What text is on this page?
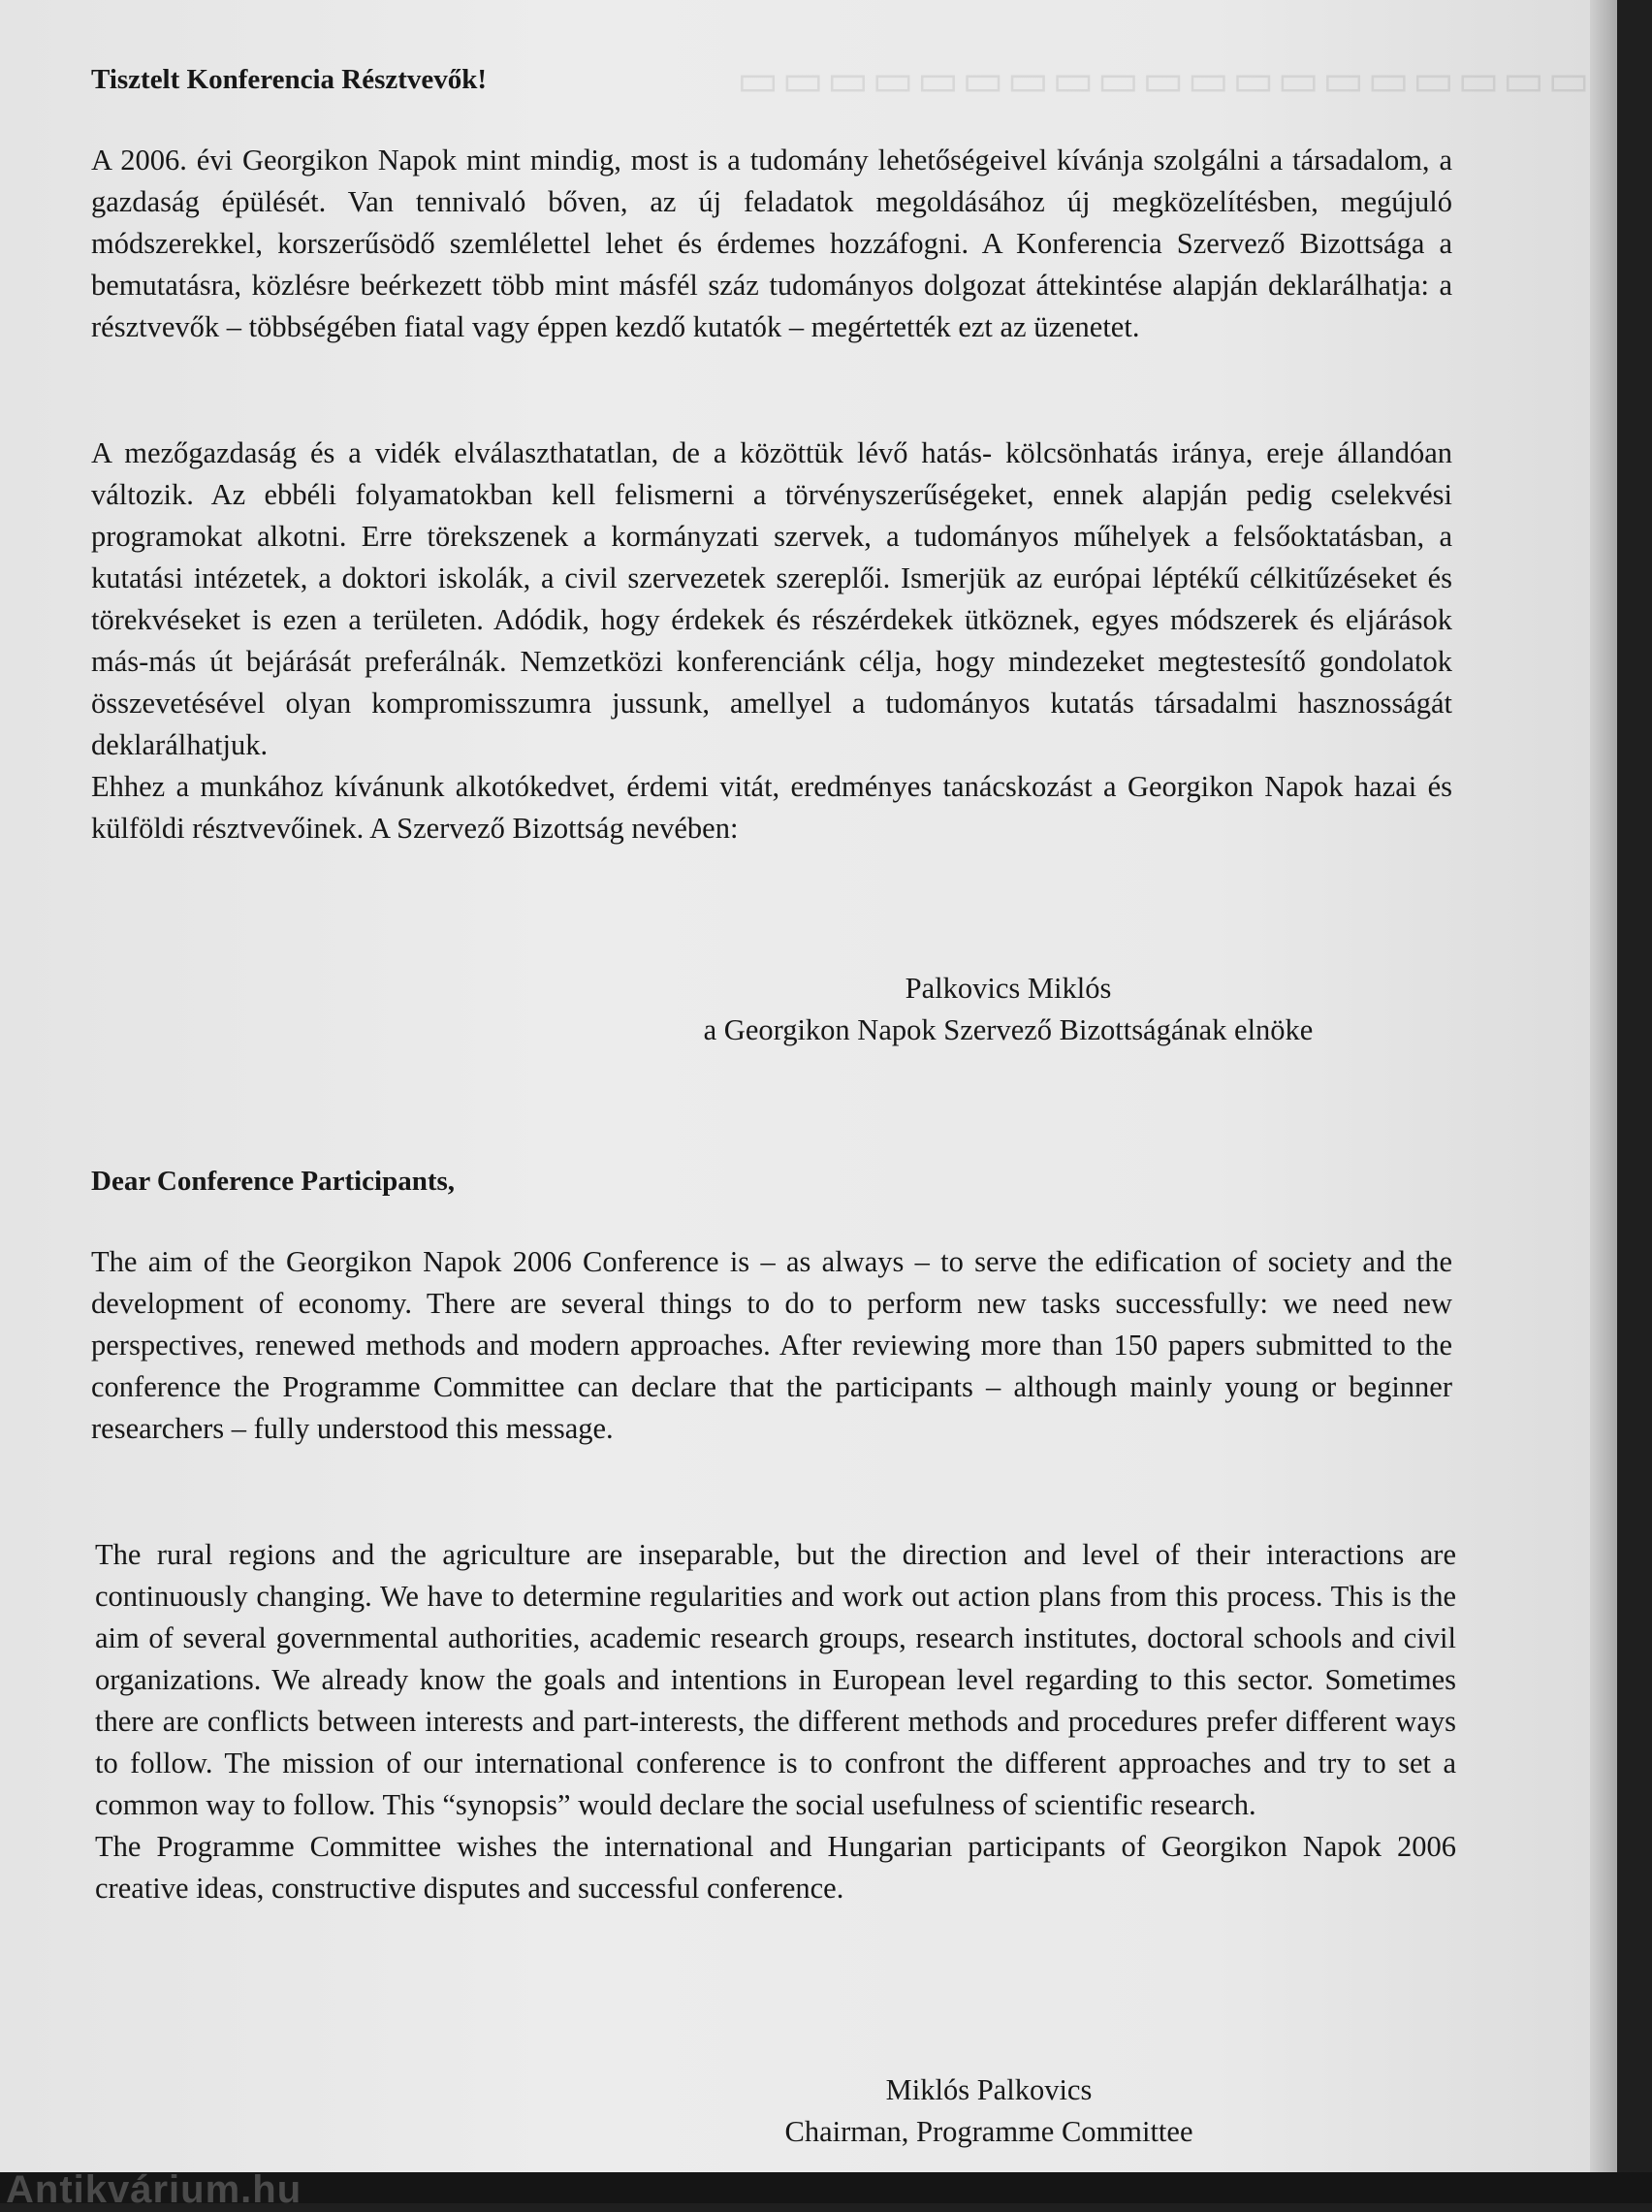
▭▭▭▭▭▭▭▭▭▭▭▭▭▭▭▭▭▭▭

Tisztelt Konferencia Résztvevők!

A 2006. évi Georgikon Napok mint mindig, most is a tudomány lehetőségeivel kívánja szolgálni a társadalom, a gazdaság épülését. Van tennivaló bőven, az új feladatok megoldásához új megközelítésben, megújuló módszerekkel, korszerűsödő szemlélettel lehet és érdemes hozzáfogni. A Konferencia Szervező Bizottsága a bemutatásra, közlésre beérkezett több mint másfél száz tudományos dolgozat áttekintése alapján deklarálhatja: a résztvevők – többségében fiatal vagy éppen kezdő kutatók – megértették ezt az üzenetet.

A mezőgazdaság és a vidék elválaszthatatlan, de a közöttük lévő hatás- kölcsönhatás iránya, ereje állandóan változik. Az ebbéli folyamatokban kell felismerni a törvényszerűségeket, ennek alapján pedig cselekvési programokat alkotni. Erre törekszenek a kormányzati szervek, a tudományos műhelyek a felsőoktatásban, a kutatási intézetek, a doktori iskolák, a civil szervezetek szereplői. Ismerjük az európai léptékű célkitűzéseket és törekvéseket is ezen a területen. Adódik, hogy érdekek és részérdekek ütköznek, egyes módszerek és eljárások más-más út bejárását preferálnák. Nemzetközi konferenciánk célja, hogy mindezeket megtestesítő gondolatok összevetésével olyan kompromisszumra jussunk, amellyel a tudományos kutatás társadalmi hasznosságát deklarálhatjuk.

Ehhez a munkához kívánunk alkotókedvet, érdemi vitát, eredményes tanácskozást a Georgikon Napok hazai és külföldi résztvevőinek. A Szervező Bizottság nevében:

Palkovics Miklós
a Georgikon Napok Szervező Bizottságának elnöke

Dear Conference Participants,

The aim of the Georgikon Napok 2006 Conference is – as always – to serve the edification of society and the development of economy. There are several things to do to perform new tasks successfully: we need new perspectives, renewed methods and modern approaches. After reviewing more than 150 papers submitted to the conference the Programme Committee can declare that the participants – although mainly young or beginner researchers – fully understood this message.

The rural regions and the agriculture are inseparable, but the direction and level of their interactions are continuously changing. We have to determine regularities and work out action plans from this process. This is the aim of several governmental authorities, academic research groups, research institutes, doctoral schools and civil organizations. We already know the goals and intentions in European level regarding to this sector. Sometimes there are conflicts between interests and part-interests, the different methods and procedures prefer different ways to follow. The mission of our international conference is to confront the different approaches and try to set a common way to follow. This “synopsis” would declare the social usefulness of scientific research.

The Programme Committee wishes the international and Hungarian participants of Georgikon Napok 2006 creative ideas, constructive disputes and successful conference.

Miklós Palkovics
Chairman, Programme Committee
Antikvárium.hu
